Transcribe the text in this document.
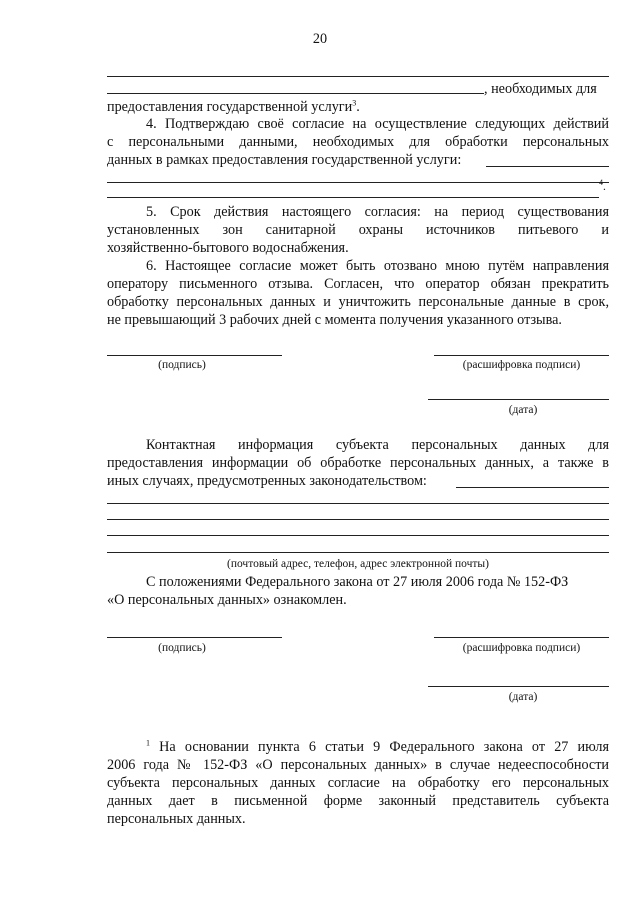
20
, необходимых для
предоставления государственной услуги$^3$.
4. Подтверждаю своё согласие на осуществление следующих действий
с персональными данными, необходимых для обработки персональных
данных в рамках предоставления государственной услуги:
$^4$.
5. Срок действия настоящего согласия: на период существования
установленных зон санитарной охраны источников питьевого и
хозяйственно-бытового водоснабжения.
6. Настоящее согласие может быть отозвано мною путём направления
оператору письменного отзыва. Согласен, что оператор обязан прекратить
обработку персональных данных и уничтожить персональные данные в срок,
не превышающий 3 рабочих дней с момента получения указанного отзыва.
(подпись)	(расшифровка подписи)
(дата)
Контактная информация субъекта персональных данных для
предоставления информации об обработке персональных данных, а также в
иных случаях, предусмотренных законодательством:
(почтовый адрес, телефон, адрес электронной почты)
С положениями Федерального закона от 27 июля 2006 года № 152-ФЗ
«О персональных данных» ознакомлен.
(подпись)	(расшифровка подписи)
(дата)
$^1$ На основании пункта 6 статьи 9 Федерального закона от 27 июля
2006 года № 152-ФЗ «О персональных данных» в случае недееспособности
субъекта персональных данных согласие на обработку его персональных
данных дает в письменной форме законный представитель субъекта
персональных данных.
